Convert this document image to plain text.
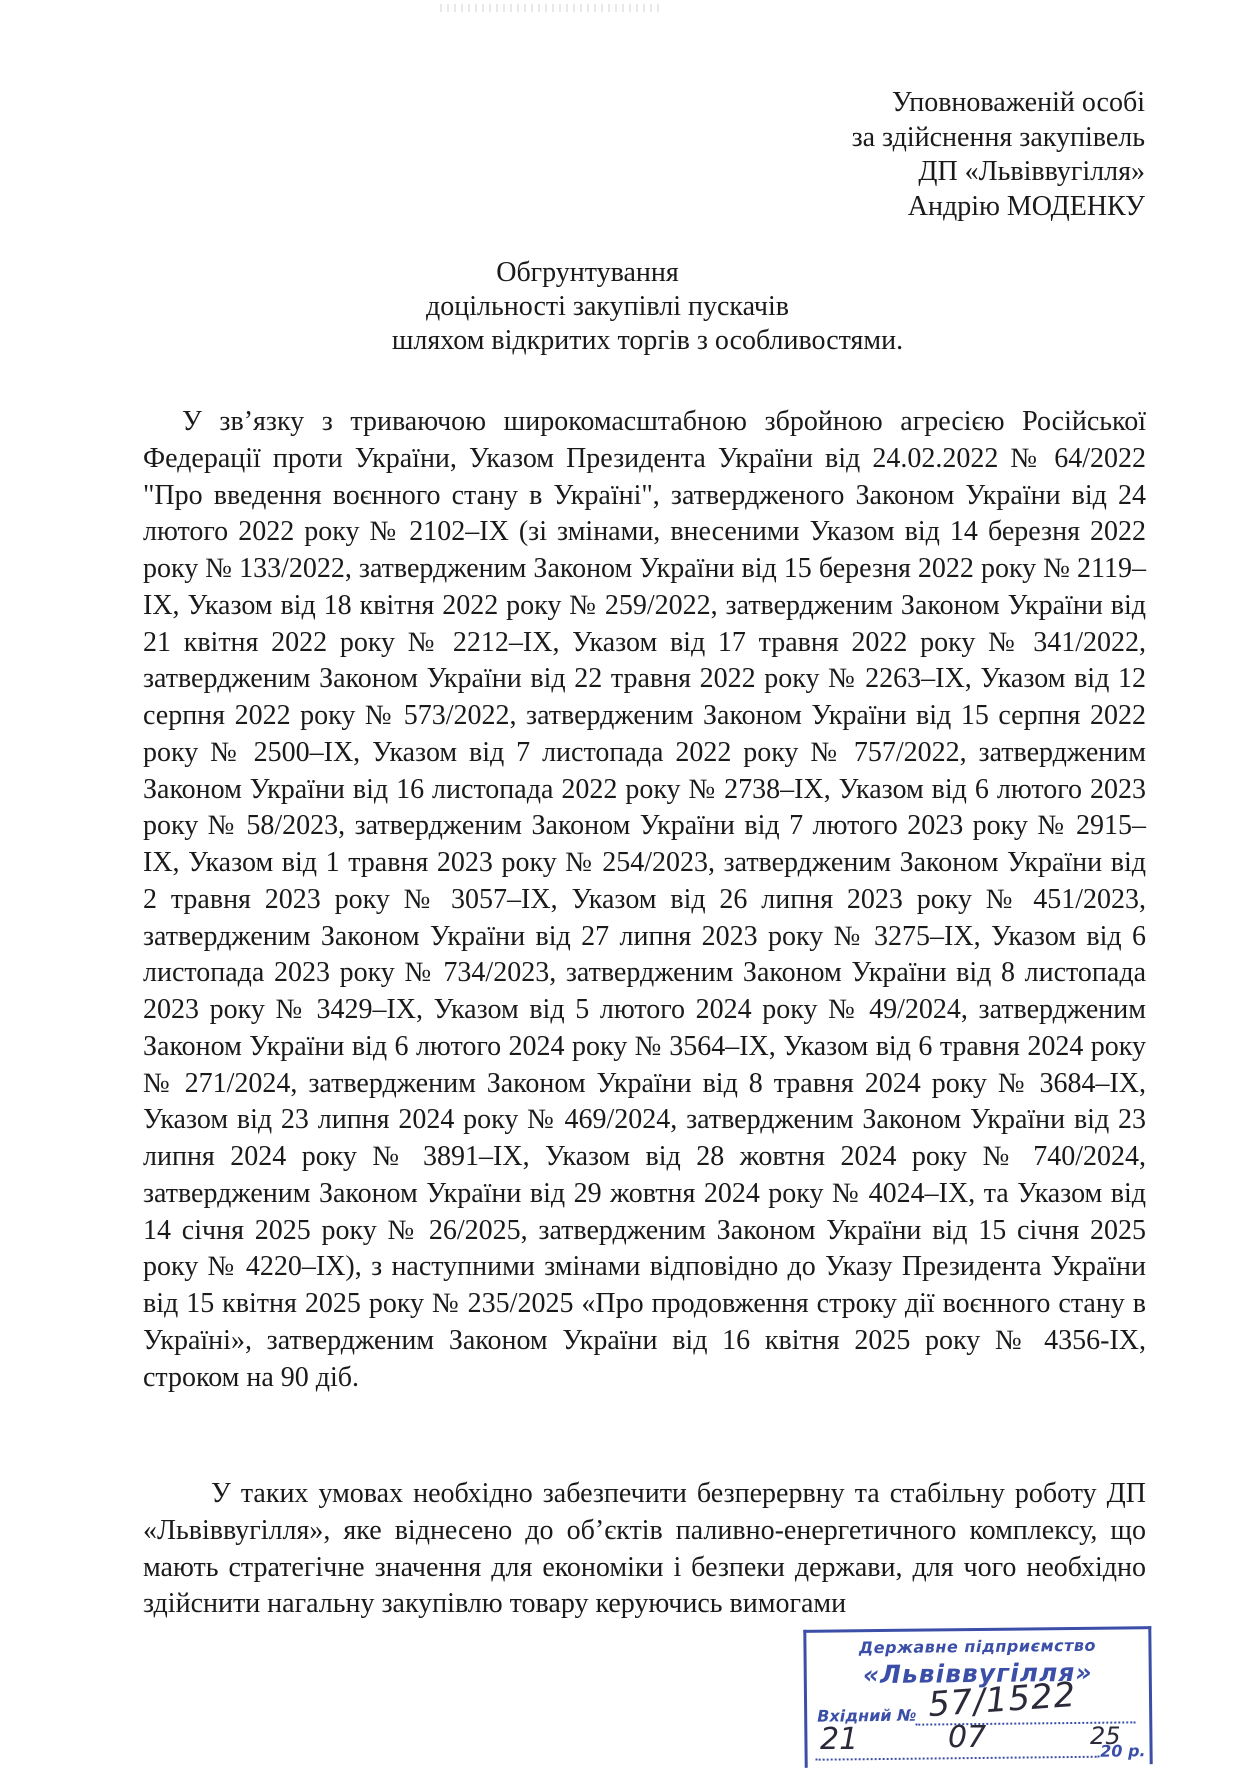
Уповноваженій особі
за здійснення закупівель
ДП «Львіввугілля»
Андрію МОДЕНКУ
Обгрунтування
доцільності закупівлі пускачів
шляхом відкритих торгів з особливостями.

У зв’язку з триваючою широкомасштабною збройною агресією Російської Федерації проти України, Указом Президента України від 24.02.2022 № 64/2022 "Про введення воєнного стану в Україні", затвердженого Законом України від 24 лютого 2022 року № 2102–IX (зі змінами, внесеними Указом від 14 березня 2022 року № 133/2022, затвердженим Законом України від 15 березня 2022 року № 2119–IX, Указом від 18 квітня 2022 року № 259/2022, затвердженим Законом України від 21 квітня 2022 року № 2212–IX, Указом від 17 травня 2022 року № 341/2022, затвердженим Законом України від 22 травня 2022 року № 2263–IX, Указом від 12 серпня 2022 року № 573/2022, затвердженим Законом України від 15 серпня 2022 року № 2500–IX, Указом від 7 листопада 2022 року № 757/2022, затвердженим Законом України від 16 листопада 2022 року № 2738–IX, Указом від 6 лютого 2023 року № 58/2023, затвердженим Законом України від 7 лютого 2023 року № 2915–IX, Указом від 1 травня 2023 року № 254/2023, затвердженим Законом України від 2 травня 2023 року № 3057–IX, Указом від 26 липня 2023 року № 451/2023, затвердженим Законом України від 27 липня 2023 року № 3275–IX, Указом від 6 листопада 2023 року № 734/2023, затвердженим Законом України від 8 листопада 2023 року № 3429–IX, Указом від 5 лютого 2024 року № 49/2024, затвердженим Законом України від 6 лютого 2024 року № 3564–IX, Указом від 6 травня 2024 року № 271/2024, затвердженим Законом України від 8 травня 2024 року № 3684–IX, Указом від 23 липня 2024 року № 469/2024, затвердженим Законом України від 23 липня 2024 року № 3891–IX, Указом від 28 жовтня 2024 року № 740/2024, затвердженим Законом України від 29 жовтня 2024 року № 4024–IX, та Указом від 14 січня 2025 року № 26/2025, затвердженим Законом України від 15 січня 2025 року № 4220–IX), з наступними змінами відповідно до Указу Президента України від 15 квітня 2025 року № 235/2025 «Про продовження строку дії воєнного стану в Україні», затвердженим Законом України від 16 квітня 2025 року № 4356-IX, строком на 90 діб.

У таких умовах необхідно забезпечити безперервну та стабільну роботу ДП «Львіввугілля», яке віднесено до об’єктів паливно-енергетичного комплексу, що мають стратегічне значення для економіки і безпеки держави, для чого необхідно здійснити нагальну закупівлю товару керуючись вимогами

Державне підприємство
«Львіввугілля»
Вхідний №
20 р.
57/1522
21	07	25
